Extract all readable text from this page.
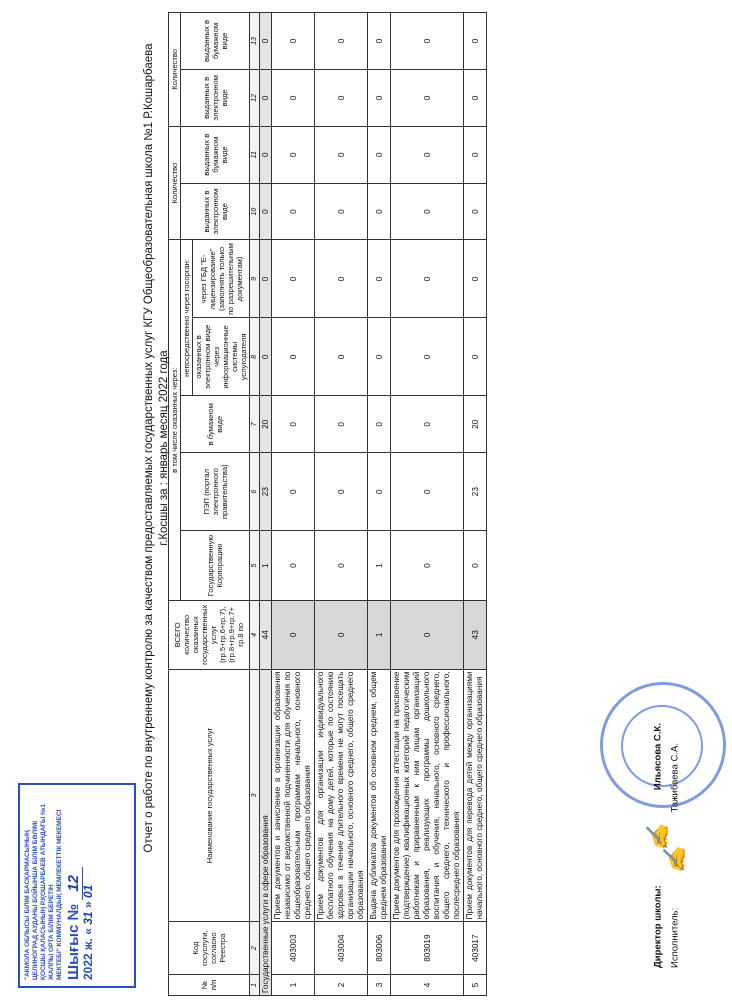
"АКМОЛА ОБЛЫСЫ БІЛІМ БАСҚАРМАСЫНЫҢ ЦЕЛИНОГРАД АУДАНЫ БОЙЫНША БІЛІМ БӨЛІМІ ҚОСШЫ ҚАЛАСЫНЫҢ Р.ҚОШАРБАЕВ АТЫНДАҒЫ №1 ЖАЛПЫ ОРТА БІЛІМ БЕРЕТІН МЕКТЕБІ" КОММУНАЛДЫҚ МЕМЛЕКЕТТІК МЕКЕМЕСІ Шығыс № 12
2022 ж. « 31 » 01
Отчет о работе по внутреннему контролю за качеством предоставляемых государственных услуг КГУ Общеобразовательная школа №1 Р.Кошарбаева г.Косшы за : январь месяц 2022 года
№ п/п	Код госуслуги, согласно Реестра	Наименование государственных услуг	ВСЕГО количество оказанных государственных услуг (гр.5+гр.6+гр.7), (гр.8+гр.9+гр.7+ гр.8 по	в том числе оказанных через:					Количество		Количество	
				Государственную Корпорацию	ПЭП (портал электронного правительства)	в бумажном виде	непосредственно через госорган:		выданных в электронном виде	выданных в бумажном виде	выданных в электронном виде	выданных в бумажном виде
							оказанных в электронном виде через информационные системы услугодателя	через ГБД "Е-лицензирование" (заполнять только по разрешительным документам)				
1	2	3	4	5	6	7	8	9	10	11	12	13
Государственные услуги в сфере образования			44	1	23	20	0	0	0	0	0	0
1	403003	Прием документов и зачисление в организации образования независимо от ведомственной подчиненности для обучения по общеобразовательным программам начального, основного среднего, общего среднего образования	0	0	0	0	0	0	0	0	0	0
2	403004	Прием документов для организации индивидуального бесплатного обучения на дому детей, которые по состоянию здоровья в течение длительного времени не могут посещать организации начального, основного среднего, общего среднего образования	0	0	0	0	0	0	0	0	0	0
3	803006	Выдача дубликатов документов об основном среднем, общем среднем образовании	1	1	0	0	0	0	0	0	0	0
4	803019	Прием документов для прохождения аттестации на присвоение (подтверждение) квалификационных категорий педагогическим работникам и приравненным к ним лицам организаций образования, реализующих программы дошкольного воспитания и обучения, начального, основного среднего, общего среднего, технического и профессионального, послесреднего образования	0	0	0	0	0	0	0	0	0	0
5	403017	Прием документов для перевода детей между организациями начального, основного среднего, общего среднего образования	43	0	23	20	0	0	0	0	0	0
Директор школы: ✍ Ильясова С.К.
Исполнитель: ✍ Тажибаева С.А.
